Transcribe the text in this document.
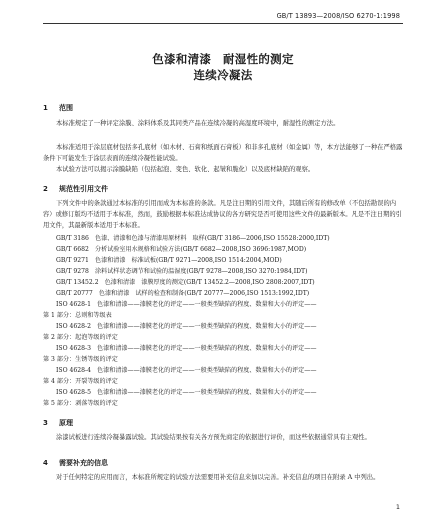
GB/T 13893—2008/ISO 6270-1:1998
色漆和清漆　耐湿性的测定
连续冷凝法
1 范围
本标准规定了一种评定涂膜、涂料体系及其同类产品在连续冷凝的高湿度环境中，耐湿性的测定方法。
本标准适用于涂层底材包括多孔底材（如木材、石膏和纸面石膏板）和非多孔底材（如金属）等，本方法能够了一种在严格露条件下可能发生于涂层表面的连续冷凝性能试验。
本试验方法可以揭示涂膜缺陷（包括起泡、变色、软化、起皱和脆化）以及底材缺陷的观察。
2 规范性引用文件
下列文件中的条款通过本标准的引用而成为本标准的条款。凡是注日期的引用文件，其随后所有的修改单（不包括勘误的内容）或修订版均不适用于本标准，然而，鼓励根据本标准达成协议的各方研究是否可使用这些文件的最新版本。凡是不注日期的引用文件，其最新版本适用于本标准。
GB/T 3186　色漆、清漆和色漆与清漆用原材料　取样(GB/T 3186—2006,ISO 15528:2000,IDT)
GB/T 6682　分析试验室用水规格和试验方法(GB/T 6682—2008,ISO 3696:1987,MOD)
GB/T 9271　色漆和清漆　标准试板(GB/T 9271—2008,ISO 1514:2004,MOD)
GB/T 9278　涂料试样状态调节和试验的温湿度(GB/T 9278—2008,ISO 3270:1984,IDT)
GB/T 13452.2　色漆和清漆　漆膜厚度的测定(GB/T 13452.2—2008,ISO 2808:2007,IDT)
GB/T 20777　色漆和清漆　试样的检查和制备(GB/T 20777—2006,ISO 1513:1992,IDT)
ISO 4628-1　色漆和清漆——漆膜老化的评定——一般类型缺陷的程度、数量和大小的评定——
第 1 部分：总则和等级表
ISO 4628-2　色漆和清漆——漆膜老化的评定——一般类型缺陷的程度、数量和大小的评定——
第 2 部分：起泡等级的评定
ISO 4628-3　色漆和清漆——漆膜老化的评定——一般类型缺陷的程度、数量和大小的评定——
第 3 部分：生锈等级的评定
ISO 4628-4　色漆和清漆——漆膜老化的评定——一般类型缺陷的程度、数量和大小的评定——
第 4 部分：开裂等级的评定
ISO 4628-5　色漆和清漆——漆膜老化的评定——一般类型缺陷的程度、数量和大小的评定——
第 5 部分：剥落等级的评定
3 原理
涂漆试板进行连续冷凝暴露试验。其试验结果按有关各方预先商定的依据进行评价，而这些依据通常具有主观性。
4 需要补充的信息
对于任何特定的应用而言，本标准所规定的试验方法需要用补充信息来加以完善。补充信息的项目在附录 A 中列出。
1
